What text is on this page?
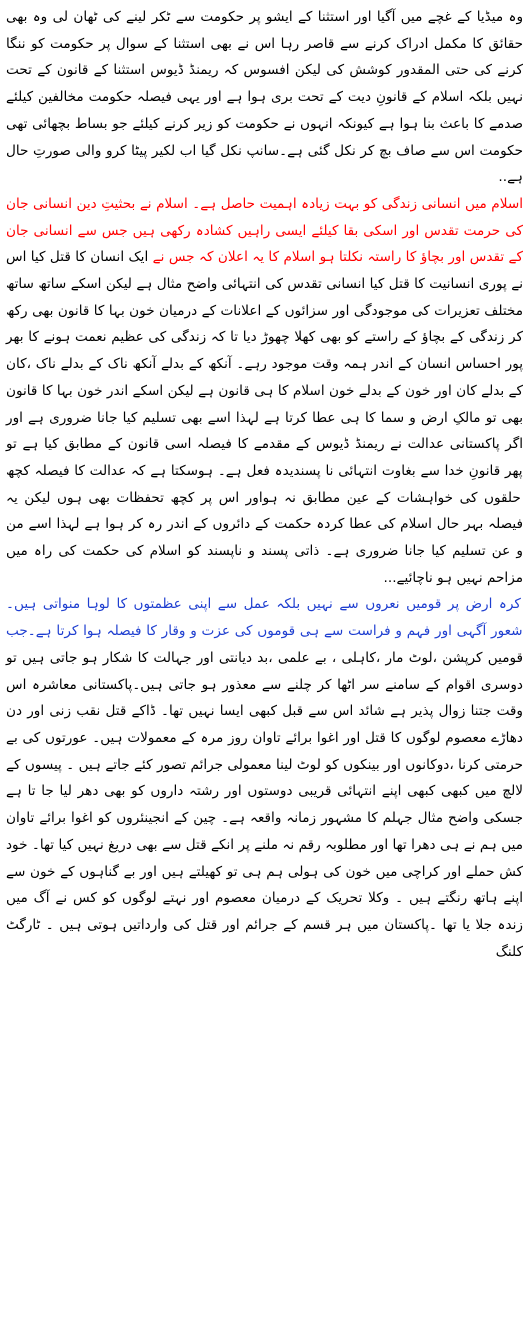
وہ میڈیا کے غچے میں آگیا اور استثنا کے ایشو پر حکومت سے ٹکر لینے کی ٹھان لی وہ بھی حقائق کا مکمل ادراک کرنے سے قاصر رہا اس نے بھی استثنا کے سوال پر حکومت کو ننگا کرنے کی حتی المقدور کوشش کی لیکن افسوس کہ ریمنڈ ڈیوس استثنا کے قانون کے تحت نہیں بلکہ اسلام کے قانونِ دیت کے تحت بری ہوا ہے اور یہی فیصلہ حکومت مخالفین کیلئے صدمے کا باعث بنا ہوا ہے کیونکہ انہوں نے حکومت کو زیر کرنے کیلئے جو بساط بچھائی تھی حکومت اس سے صاف بچ کر نکل گئی ہے۔سانپ نکل گیا اب لکیر پیٹا کرو والی صورتِ حال ہے..

اسلام میں انسانی زندگی کو بہت زیادہ اہمیت حاصل ہے۔ اسلام نے بحثیتِ دین انسانی جان کی حرمت تقدس اور اسکی بقا کیلئے ایسی راہیں کشادہ رکھی ہیں جس سے انسانی جان کے تقدس اور بچاؤ کا راستہ نکلتا ہو اسلام کا یہ اعلان کہ جس نے ایک انسان کا قتل کیا اس نے پوری انسانیت کا قتل کیا انسانی تقدس کی انتہائی واضح مثال ہے لیکن اسکے ساتھ ساتھ مختلف تعزیرات کی موجودگی اور سزائوں کے اعلانات کے درمیان خون بہا کا قانون بھی رکھ کر زندگی کے بچاؤ کے راستے کو بھی کھلا چھوڑ دیا تا کہ زندگی کی عظیم نعمت ہونے کا بھر پور احساس انسان کے اندر ہمہ وقت موجود رہے۔ آنکھ کے بدلے آنکھ ناک کے بدلے ناک ،کان کے بدلے کان اور خون کے بدلے خون اسلام کا ہی قانون ہے لیکن اسکے اندر خون بہا کا قانون بھی تو مالکِ ارض و سما کا ہی عطا کرتا ہے لہذا اسے بھی تسلیم کیا جانا ضروری ہے اور اگر پاکستانی عدالت نے ریمنڈ ڈیوس کے مقدمے کا فیصلہ اسی قانون کے مطابق کیا ہے تو پھر قانونِ خدا سے بغاوت انتہائی نا پسندیدہ فعل ہے۔ ہوسکتا ہے کہ عدالت کا فیصلہ کچھ حلقوں کی خواہشات کے عین مطابق نہ ہواور اس پر کچھ تحفظات بھی ہوں لیکن یہ فیصلہ بہر حال اسلام کی عطا کردہ حکمت کے دائروں کے اندر رہ کر ہوا ہے لہذا اسے من و عن تسلیم کیا جانا ضروری ہے۔ ذاتی پسند و ناپسند کو اسلام کی حکمت کی راہ میں مزاحم نہیں ہو ناچائیے...

کرہ ارض پر قومیں نعروں سے نہیں بلکہ عمل سے اپنی عظمتوں کا لوہا منواتی ہیں۔ شعور آگہی اور فہم و فراست سے ہی قوموں کی عزت و وقار کا فیصلہ ہوا کرتا ہے۔جب قومیں کرپشن ،لوٹ مار ،کاہلی ، بے علمی ،بد دیانتی اور جہالت کا شکار ہو جاتی ہیں تو دوسری اقوام کے سامنے سر اٹھا کر چلنے سے معذور ہو جاتی ہیں۔پاکستانی معاشرہ اس وقت جتنا زوال پذیر ہے شائد اس سے قبل کبھی ایسا نہیں تھا۔ ڈاکے قتل نقب زنی اور دن دھاڑے معصوم لوگوں کا قتل اور اغوا برائے تاوان روز مرہ کے معمولات ہیں۔ عورتوں کی بے حرمتی کرنا ،دوکانوں اور بینکوں کو لوٹ لینا معمولی جرائم تصور کئے جاتے ہیں ۔ پیسوں کے لالچ میں کبھی کبھی اپنے انتہائی قریبی دوستوں اور رشتہ داروں کو بھی دھر لیا جا تا ہے جسکی واضح مثال جہلم کا مشہور زمانہ واقعہ ہے۔ چین کے انجینئروں کو اغوا برائے تاوان میں ہم نے ہی دھرا تھا اور مطلوبہ رقم نہ ملنے پر انکے قتل سے بھی دریغ نہیں کیا تھا۔ خود کش حملے اور کراچی میں خون کی ہولی ہم ہی تو کھیلتے ہیں اور بے گناہوں کے خون سے اپنے ہاتھ رنگتے ہیں ۔ وکلا تحریک کے درمیان معصوم اور نہتے لوگوں کو کس نے آگ میں زندہ جلا یا تھا ۔پاکستان میں ہر قسم کے جرائم اور قتل کی وارداتیں ہوتی ہیں ۔ ٹارگٹ کلنگ
